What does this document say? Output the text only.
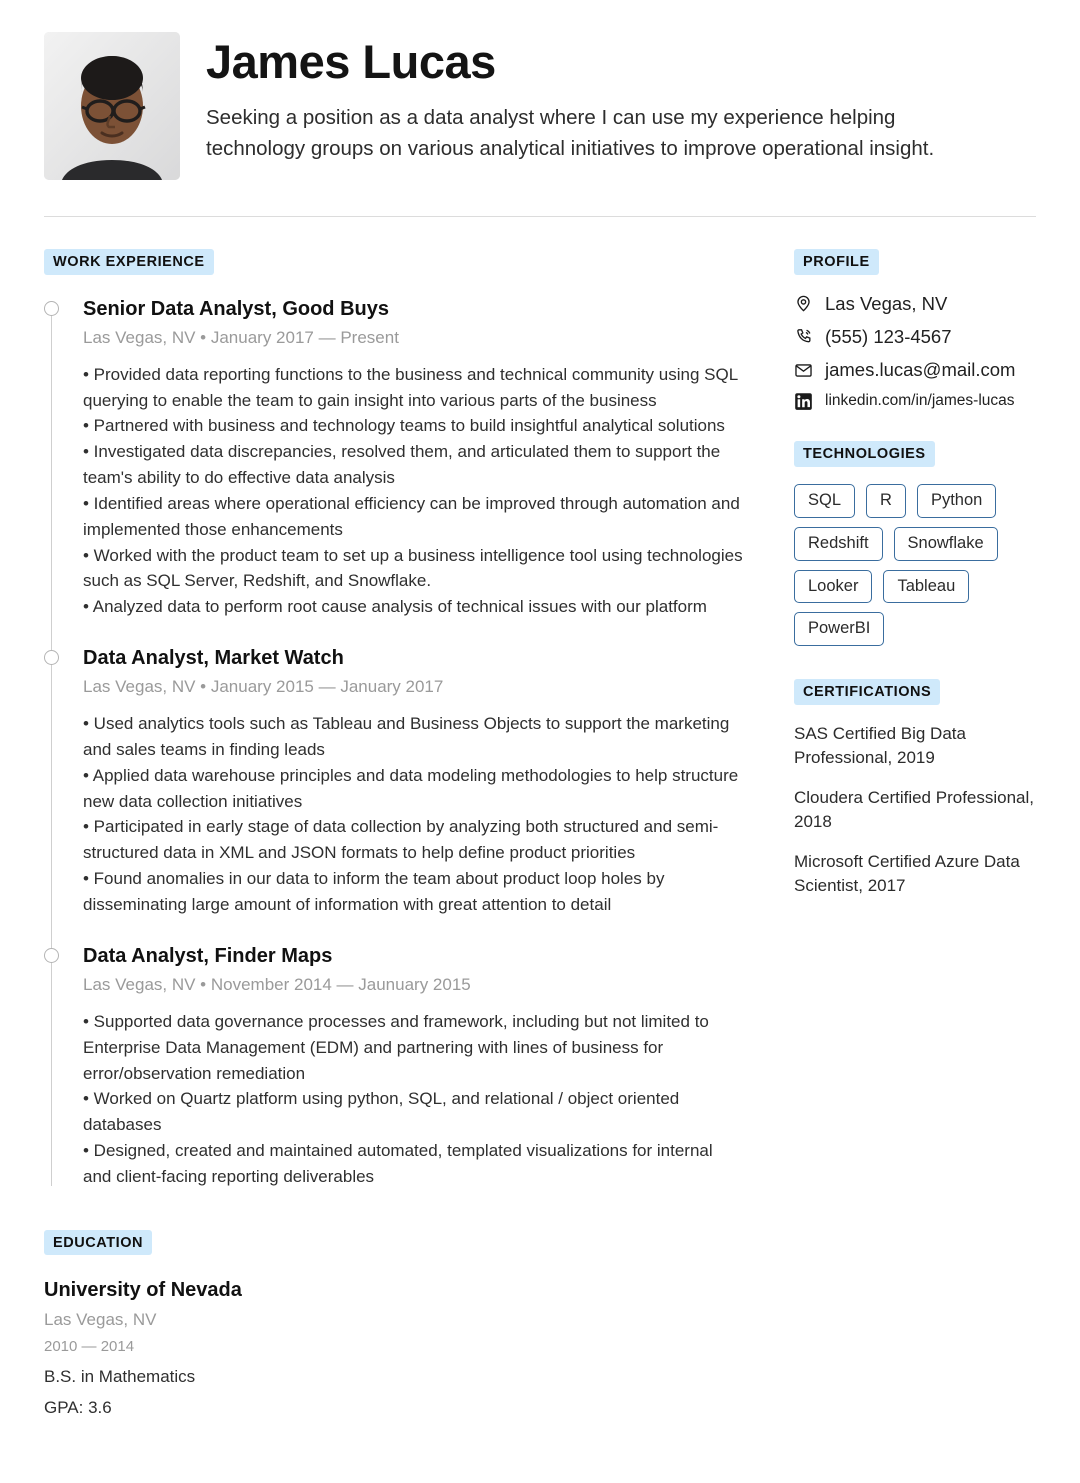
James Lucas
Seeking a position as a data analyst where I can use my experience helping technology groups on various analytical initiatives to improve operational insight.
WORK EXPERIENCE
Senior Data Analyst, Good Buys
Las Vegas, NV • January 2017 — Present
• Provided data reporting functions to the business and technical community using SQL querying to enable the team to gain insight into various parts of the business
• Partnered with business and technology teams to build insightful analytical solutions
• Investigated data discrepancies, resolved them, and articulated them to support the team's ability to do effective data analysis
• Identified areas where operational efficiency can be improved through automation and implemented those enhancements
• Worked with the product team to set up a business intelligence tool using technologies such as SQL Server, Redshift, and Snowflake.
• Analyzed data to perform root cause analysis of technical issues with our platform
Data Analyst, Market Watch
Las Vegas, NV • January 2015 — January 2017
• Used analytics tools such as Tableau and Business Objects to support the marketing and sales teams in finding leads
• Applied data warehouse principles and data modeling methodologies to help structure new data collection initiatives
• Participated in early stage of data collection by analyzing both structured and semi-structured data in XML and JSON formats to help define product priorities
• Found anomalies in our data to inform the team about product loop holes by disseminating large amount of information with great attention to detail
Data Analyst, Finder Maps
Las Vegas, NV • November 2014 — Jaunuary 2015
• Supported data governance processes and framework, including but not limited to Enterprise Data Management (EDM) and partnering with lines of business for error/observation remediation
• Worked on Quartz platform using python, SQL, and relational / object oriented databases
• Designed, created and maintained automated, templated visualizations for internal and client-facing reporting deliverables
EDUCATION
University of Nevada
Las Vegas, NV
2010 — 2014
B.S. in Mathematics
GPA: 3.6
PROFILE
Las Vegas, NV
(555) 123-4567
james.lucas@mail.com
linkedin.com/in/james-lucas
TECHNOLOGIES
SQL	R	Python
Redshift	Snowflake
Looker	Tableau
PowerBI
CERTIFICATIONS
SAS Certified Big Data Professional, 2019
Cloudera Certified Professional, 2018
Microsoft Certified Azure Data Scientist, 2017
